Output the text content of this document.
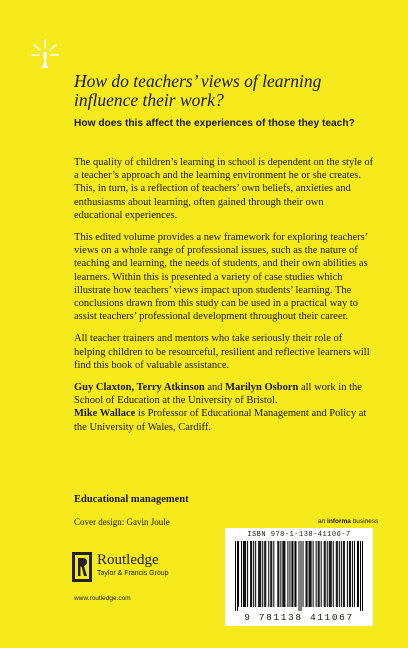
How do teachers’ views of learning influence their work?
How does this affect the experiences of those they teach?

The quality of children’s learning in school is dependent on the style of a teacher’s approach and the learning environment he or she creates. This, in turn, is a reflection of teachers’ own beliefs, anxieties and enthusiasms about learning, often gained through their own educational experiences.

This edited volume provides a new framework for exploring teachers’ views on a whole range of professional issues, such as the nature of teaching and learning, the needs of students, and their own abilities as learners. Within this is presented a variety of case studies which illustrate how teachers’ views impact upon students’ learning. The conclusions drawn from this study can be used in a practical way to assist teachers’ professional development throughout their career.

All teacher trainers and mentors who take seriously their role of helping children to be resourceful, resilient and reflective learners will find this book of valuable assistance.

Guy Claxton, Terry Atkinson and Marilyn Osborn all work in the School of Education at the University of Bristol.
Mike Wallace is Professor of Educational Management and Policy at the University of Wales, Cardiff.

Educational management
Cover design: Gavin Joule	an informa business
ISBN 978-1-138-41106-7
9 781138 411067
Routledge
Taylor & Francis Group
www.routledge.com
